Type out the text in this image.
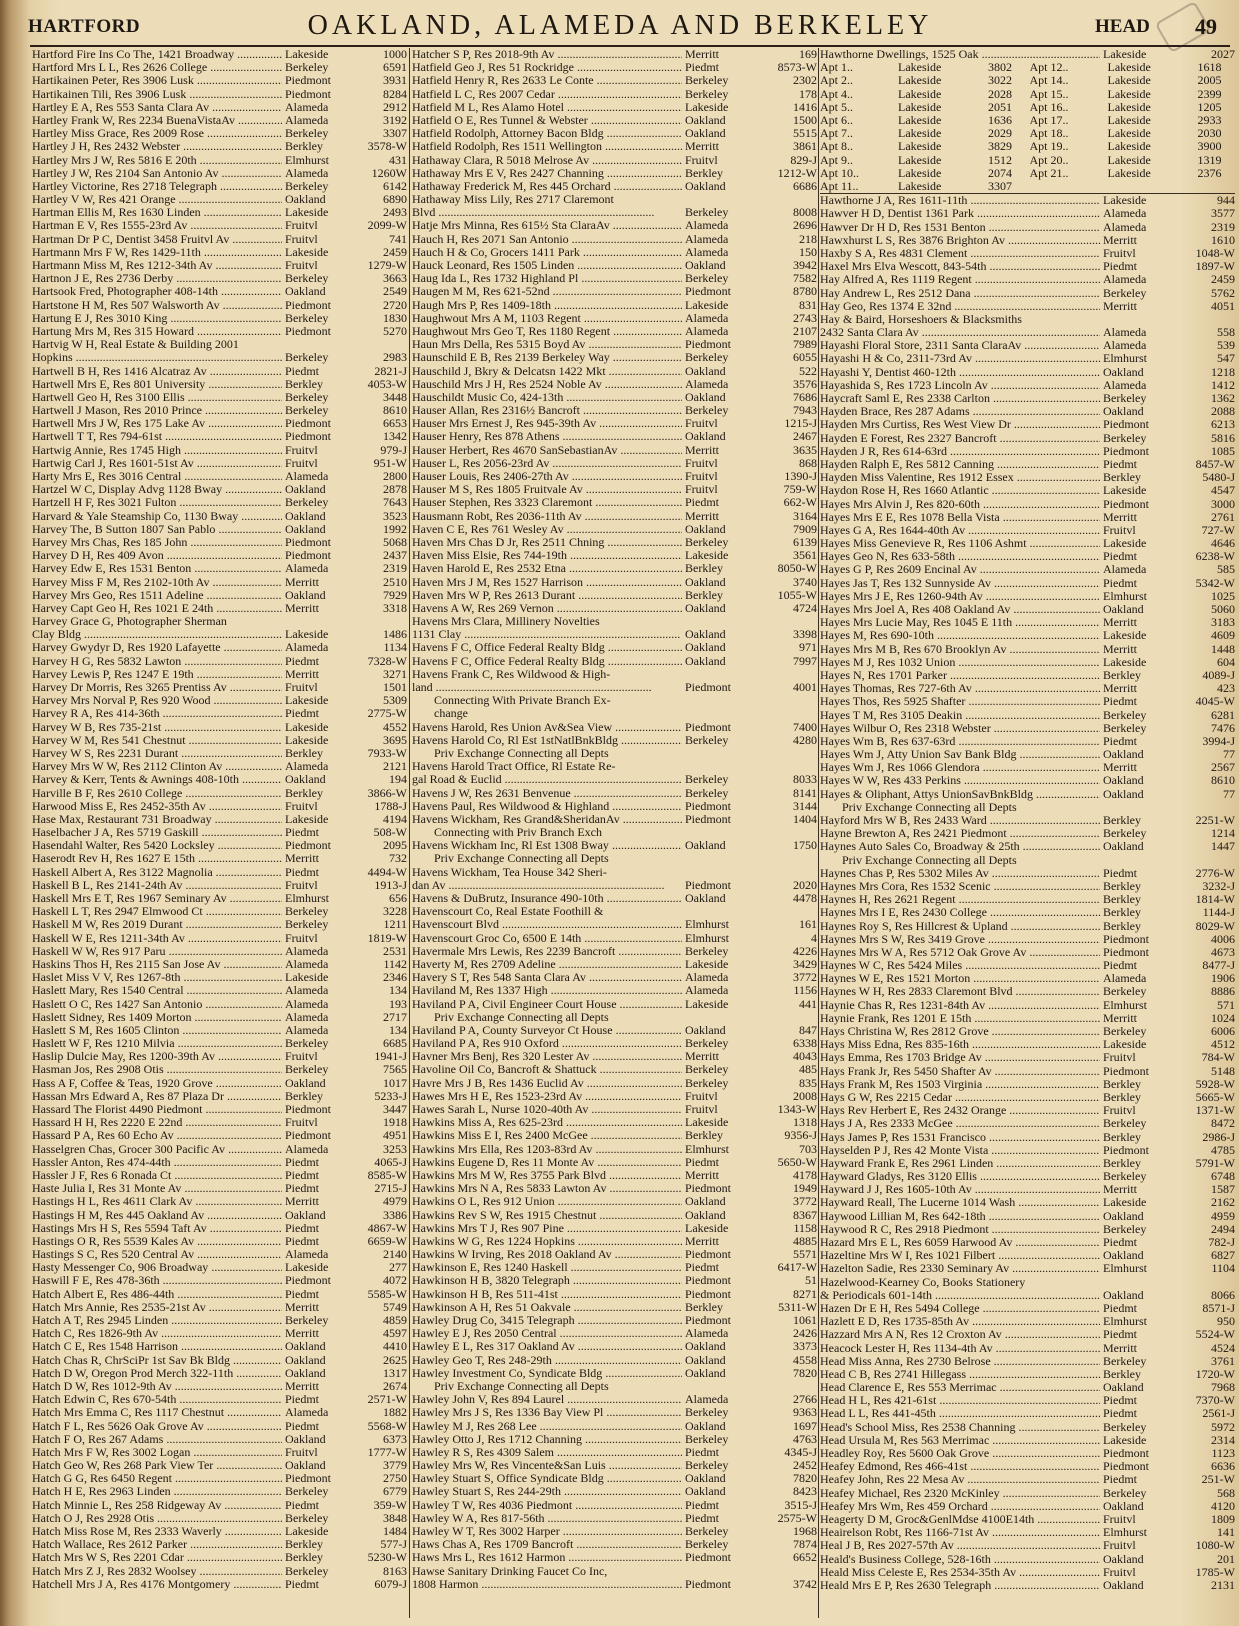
HARTFORD	OAKLAND, ALAMEDA AND BERKELEY	HEAD 49
Hartford Fire Ins Co The, 1421 Broadway .....	Lakeside	1000
Hartford Mrs L L, Res 2626 College .....	Berkeley	6591
Hartikainen Peter, Res 3906 Lusk .....	Piedmont	3931
Hartikainen Tili, Res 3906 Lusk .....	Piedmont	8284
Hartley E A, Res 553 Santa Clara Av .....	Alameda	2912
Hartley Frank W, Res 2234 BuenaVistaAv .....	Alameda	3192
Hartley Miss Grace, Res 2009 Rose .....	Berkeley	3307
Hartley J H, Res 2432 Webster .....	Berkley	3578-W
Hartley Mrs J W, Res 5816 E 20th .....	Elmhurst	431
Hartley J W, Res 2104 San Antonio Av .....	Alameda	1260W
Hartley Victorine, Res 2718 Telegraph .....	Berkeley	6142
Hartley V W, Res 421 Orange .....	Oakland	6890
Hartman Ellis M, Res 1630 Linden .....	Lakeside	2493
Hartman E V, Res 1555-23rd Av .....	Fruitvl	2099-W
Hartman Dr P C, Dentist 3458 Fruitvl Av .....	Fruitvl	741
Hartmann Mrs F W, Res 1429-11th .....	Lakeside	2459
Hartmann Miss M, Res 1212-34th Av .....	Fruitvl	1279-W
Hartnon J E, Res 2736 Derby .....	Berkeley	3663
Hartsook Fred, Photographer 408-14th .....	Oakland	2549
Hartstone H M, Res 507 Walsworth Av .....	Piedmont	2720
Hartung E J, Res 3010 King .....	Berkeley	1830
Hartung Mrs M, Res 315 Howard .....	Piedmont	5270
Hartvig W H, Real Estate & Building 2001
Hopkins .....	Berkeley	2983
Hartwell B H, Res 1416 Alcatraz Av .....	Piedmt	2821-J
Hartwell Mrs E, Res 801 University .....	Berkley	4053-W
Hartwell Geo H, Res 3100 Ellis .....	Berkeley	3448
Hartwell J Mason, Res 2010 Prince .....	Berkeley	8610
Hartwell Mrs J W, Res 175 Lake Av .....	Piedmont	6653
Hartwell T T, Res 794-61st .....	Piedmont	1342
Hartwig Annie, Res 1745 High .....	Fruitvl	979-J
Hartwig Carl J, Res 1601-51st Av .....	Fruitvl	951-W
Harty Mrs E, Res 3016 Central .....	Alameda	2800
Hartzel W C, Display Advg 1128 Bway .....	Oakland	2878
Hartzell H F, Res 3021 Fulton .....	Berkeley	7643
Harvard & Yale Steamship Co, 1130 Bway .....	Oakland	3523
Harvey The, B Sutton 1807 San Pablo .....	Oakland	1992
Harvey Mrs Chas, Res 185 John .....	Piedmont	5068
Harvey D H, Res 409 Avon .....	Piedmont	2437
Harvey Edw E, Res 1531 Benton .....	Alameda	2319
Harvey Miss F M, Res 2102-10th Av .....	Merritt	2510
Harvey Mrs Geo, Res 1511 Adeline .....	Oakland	7929
Harvey Capt Geo H, Res 1021 E 24th .....	Merritt	3318
Harvey Grace G, Photographer Sherman
Clay Bldg .....	Lakeside	1486
Harvey Gwydyr D, Res 1920 Lafayette .....	Alameda	1134
Harvey H G, Res 5832 Lawton .....	Piedmt	7328-W
Harvey Lewis P, Res 1247 E 19th .....	Merritt	3271
Harvey Dr Morris, Res 3265 Prentiss Av .....	Fruitvl	1501
Harvey Mrs Norval P, Res 920 Wood .....	Lakeside	5309
Harvey R A, Res 414-36th .....	Piedmt	2775-W
Harvey W B, Res 735-21st .....	Lakeside	4552
Harvey W M, Res 541 Chestnut .....	Lakeside	3695
Harvey W S, Res 2231 Durant .....	Berkley	7933-W
Harvey Mrs W W, Res 2112 Clinton Av .....	Alameda	2121
Harvey & Kerr, Tents & Awnings 408-10th .....	Oakland	194
Harville B F, Res 2610 College .....	Berkley	3866-W
Harwood Miss E, Res 2452-35th Av .....	Fruitvl	1788-J
Hase Max, Restaurant 731 Broadway .....	Lakeside	4194
Haselbacher J A, Res 5719 Gaskill .....	Piedmt	508-W
Hasendahl Walter, Res 5420 Locksley .....	Piedmont	2095
Haserodt Rev H, Res 1627 E 15th .....	Merritt	732
Haskell Albert A, Res 3122 Magnolia .....	Piedmt	4494-W
Haskell B L, Res 2141-24th Av .....	Fruitvl	1913-J
Haskell Mrs E T, Res 1967 Seminary Av .....	Elmhurst	656
Haskell L T, Res 2947 Elmwood Ct .....	Berkeley	3228
Haskell M W, Res 2019 Durant .....	Berkeley	1211
Haskell W E, Res 1211-34th Av .....	Fruitvl	1819-W
Haskell W W, Res 917 Paru .....	Alameda	2531
Haskins Thos H, Res 2115 San Jose Av .....	Alameda	1142
Haslet Miss V V, Res 1267-8th .....	Lakeside	2346
Haslett Mary, Res 1540 Central .....	Alameda	134
Haslett O C, Res 1427 San Antonio .....	Alameda	193
Haslett Sidney, Res 1409 Morton .....	Alameda	2717
Haslett S M, Res 1605 Clinton .....	Alameda	134
Haslett W F, Res 1210 Milvia .....	Berkeley	6685
Haslip Dulcie May, Res 1200-39th Av .....	Fruitvl	1941-J
Hasman Jos, Res 2908 Otis .....	Berkeley	7565
Hass A F, Coffee & Teas, 1920 Grove .....	Oakland	1017
Hassan Mrs Edward A, Res 87 Plaza Dr .....	Berkley	5233-J
Hassard The Florist 4490 Piedmont .....	Piedmont	3447
Hassard H H, Res 2220 E 22nd .....	Fruitvl	1918
Hassard P A, Res 60 Echo Av .....	Piedmont	4951
Hasselgren Chas, Grocer 300 Pacific Av .....	Alameda	3253
Hassler Anton, Res 474-44th .....	Piedmt	4065-J
Hassler J F, Res 6 Ronada Ct .....	Piedmt	8585-W
Haste Julia I, Res 31 Monte Av .....	Piedmt	2715-J
Hastings H L, Res 4611 Clark Av .....	Merritt	4979
Hastings H M, Res 445 Oakland Av .....	Oakland	3386
Hastings Mrs H S, Res 5594 Taft Av .....	Piedmt	4867-W
Hastings O R, Res 5539 Kales Av .....	Piedmt	6659-W
Hastings S C, Res 520 Central Av .....	Alameda	2140
Hasty Messenger Co, 906 Broadway .....	Lakeside	277
Haswill F E, Res 478-36th .....	Piedmont	4072
Hatch Albert E, Res 486-44th .....	Piedmt	5585-W
Hatch Mrs Annie, Res 2535-21st Av .....	Merritt	5749
Hatch A T, Res 2945 Linden .....	Berkeley	4859
Hatch C, Res 1826-9th Av .....	Merritt	4597
Hatch C E, Res 1548 Harrison .....	Oakland	4410
Hatch Chas R, ChrSciPr 1st Sav Bk Bldg .....	Oakland	2625
Hatch D W, Oregon Prod Merch 322-11th .....	Oakland	1317
Hatch D W, Res 1012-9th Av .....	Merritt	2674
Hatch Edwin C, Res 670-54th .....	Piedmt	2571-W
Hatch Mrs Emma C, Res 1117 Chestnut .....	Alameda	1882
Hatch F L, Res 5626 Oak Grove Av .....	Piedmt	5568-W
Hatch F O, Res 267 Adams .....	Oakland	6373
Hatch Mrs F W, Res 3002 Logan .....	Fruitvl	1777-W
Hatch Geo W, Res 268 Park View Ter .....	Oakland	3779
Hatch G G, Res 6450 Regent .....	Piedmont	2750
Hatch H E, Res 2963 Linden .....	Berkeley	6779
Hatch Minnie L, Res 258 Ridgeway Av .....	Piedmt	359-W
Hatch O J, Res 2928 Otis .....	Berkeley	3848
Hatch Miss Rose M, Res 2333 Waverly .....	Lakeside	1484
Hatch Wallace, Res 2612 Parker .....	Berkley	577-J
Hatch Mrs W S, Res 2201 Cdar .....	Berkley	5230-W
Hatch Mrs Z J, Res 2832 Woolsey .....	Berkeley	8163
Hatchell Mrs J A, Res 4176 Montgomery .....	Piedmt	6079-J
Hatcher S P, Res 2018-9th Av .....	Merritt	169
Hatfield Geo J, Res 51 Rockridge .....	Piedmt	8573-W
Hatfield Henry R, Res 2633 Le Conte .....	Berkeley	2302
Hatfield L C, Res 2007 Cedar .....	Berkeley	178
Hatfield M L, Res Alamo Hotel .....	Lakeside	1416
Hatfield O E, Res Tunnel & Webster .....	Oakland	1500
Hatfield Rodolph, Attorney Bacon Bldg .....	Oakland	5515
Hatfield Rodolph, Res 1511 Wellington .....	Merritt	3861
Hathaway Clara, R 5018 Melrose Av .....	Fruitvl	829-J
Hathaway Mrs E V, Res 2427 Channing .....	Berkley	1212-W
Hathaway Frederick M, Res 445 Orchard .....	Oakland	6686
Hathaway Miss Lily, Res 2717 Claremont
Blvd .....	Berkeley	8008
Hatje Mrs Minna, Res 615½ Sta ClaraAv .....	Alameda	2696
Hauch H, Res 2071 San Antonio .....	Alameda	218
Hauch H & Co, Grocers 1411 Park .....	Alameda	150
Hauck Leonard, Res 1505 Linden .....	Oakland	3942
Haug Ida L, Res 1732 Highland Pl .....	Berkeley	7582
Haugen M M, Res 621-52nd .....	Piedmont	8780
Haugh Mrs P, Res 1409-18th .....	Lakeside	831
Haughwout Mrs A M, 1103 Regent .....	Alameda	2743
Haughwout Mrs Geo T, Res 1180 Regent .....	Alameda	2107
Haun Mrs Della, Res 5315 Boyd Av .....	Piedmont	7989
Haunschild E B, Res 2139 Berkeley Way .....	Berkeley	6055
Hauschild J, Bkry & Delcatsn 1422 Mkt .....	Oakland	522
Hauschild Mrs J H, Res 2524 Noble Av .....	Alameda	3576
Hauschildt Music Co, 424-13th .....	Oakland	7686
Hauser Allan, Res 2316½ Bancroft .....	Berkeley	7943
Hauser Mrs Ernest J, Res 945-39th Av .....	Fruitvl	1215-J
Hauser Henry, Res 878 Athens .....	Oakland	2467
Hauser Herbert, Res 4670 SanSebastianAv .....	Merritt	3635
Hauser L, Res 2056-23rd Av .....	Fruitvl	868
Hauser Louis, Res 2406-27th Av .....	Fruitvl	1390-J
Hauser M S, Res 1805 Fruitvale Av .....	Fruitvl	759-W
Hauser Stephen, Res 3323 Claremont .....	Piedmt	662-W
Hausmann Robt, Res 2036-11th Av .....	Merritt	3164
Haven C E, Res 761 Wesley Av .....	Oakland	7909
Haven Mrs Chas D Jr, Res 2511 Chning .....	Berkeley	6139
Haven Miss Elsie, Res 744-19th .....	Lakeside	3561
Haven Harold E, Res 2532 Etna .....	Berkley	8050-W
Haven Mrs J M, Res 1527 Harrison .....	Oakland	3740
Haven Mrs W P, Res 2613 Durant .....	Berkley	1055-W
Havens A W, Res 269 Vernon .....	Oakland	4724
Havens Mrs Clara, Millinery Novelties
1131 Clay .....	Oakland	3398
Havens F C, Office Federal Realty Bldg .....	Oakland	971
Havens F C, Office Federal Realty Bldg .....	Oakland	7997
Havens Frank C, Res Wildwood & High-
land .....	Piedmont	4001
Connecting With Private Branch Ex-
change
Havens Harold, Res Union Av&Sea View .....	Piedmont	7400
Havens Harold Co, Rl Est 1stNatlBnkBldg .....	Berkeley	4280
Priv Exchange Connecting all Depts
Havens Harold Tract Office, Rl Estate Re-
gal Road & Euclid .....	Berkeley	8033
Havens J W, Res 2631 Benvenue .....	Berkeley	8141
Havens Paul, Res Wildwood & Highland .....	Piedmont	3144
Havens Wickham, Res Grand&SheridanAv .....	Piedmont	1404
Connecting with Priv Branch Exch
Havens Wickham Inc, Rl Est 1308 Bway .....	Oakland	1750
Priv Exchange Connecting all Depts
Havens Wickham, Tea House 342 Sheri-
dan Av .....	Piedmont	2020
Havens & DuBrutz, Insurance 490-10th .....	Oakland	4478
Havenscourt Co, Real Estate Foothill &
Havenscourt Blvd .....	Elmhurst	161
Havenscourt Groc Co, 6500 E 14th .....	Elmhurst	4
Havermale Mrs Lewis, Res 2239 Bancroft .....	Berkeley	4226
Haverty M, Res 2709 Adeline .....	Lakeside	3429
Havery S T, Res 548 Santa Clara Av .....	Alameda	3772
Haviland M, Res 1337 High .....	Alameda	1156
Haviland P A, Civil Engineer Court House .....	Lakeside	441
Priv Exchange Connecting all Depts
Haviland P A, County Surveyor Ct House .....	Oakland	847
Haviland P A, Res 910 Oxford .....	Berkeley	6338
Havner Mrs Benj, Res 320 Lester Av .....	Merritt	4043
Havoline Oil Co, Bancroft & Shattuck .....	Berkeley	485
Havre Mrs J B, Res 1436 Euclid Av .....	Berkeley	835
Hawes Mrs H E, Res 1523-23rd Av .....	Fruitvl	2008
Hawes Sarah L, Nurse 1020-40th Av .....	Fruitvl	1343-W
Hawkins Miss A, Res 625-23rd .....	Lakeside	1318
Hawkins Miss E I, Res 2400 McGee .....	Berkley	9356-J
Hawkins Mrs Ella, Res 1203-83rd Av .....	Elmhurst	703
Hawkins Eugene D, Res 11 Monte Av .....	Piedmt	5650-W
Hawkins Mrs M W, Res 3755 Park Blvd .....	Merritt	4178
Hawkins Mrs N A, Res 5833 Lawton Av .....	Piedmont	1949
Hawkins O L, Res 912 Union .....	Oakland	3772
Hawkins Rev S W, Res 1915 Chestnut .....	Oakland	8367
Hawkins Mrs T J, Res 907 Pine .....	Lakeside	1158
Hawkins W G, Res 1224 Hopkins .....	Merritt	4885
Hawkins W Irving, Res 2018 Oakland Av .....	Piedmont	5571
Hawkinson E, Res 1240 Haskell .....	Piedmt	6417-W
Hawkinson H B, 3820 Telegraph .....	Piedmont	51
Hawkinson H B, Res 511-41st .....	Piedmont	8271
Hawkinson A H, Res 51 Oakvale .....	Berkley	5311-W
Hawley Drug Co, 3415 Telegraph .....	Piedmont	1061
Hawley E J, Res 2050 Central .....	Alameda	2426
Hawley E L, Res 317 Oakland Av .....	Oakland	3373
Hawley Geo T, Res 248-29th .....	Oakland	4558
Hawley Investment Co, Syndicate Bldg .....	Oakland	7820
Priv Exchange Connecting all Depts
Hawley John V, Res 894 Laurel .....	Alameda	2766
Hawley Mrs J S, Res 1336 Bay View Pl .....	Berkeley	9363
Hawley M J, Res 268 Lee .....	Oakland	1697
Hawley Otto J, Res 1712 Channing .....	Berkeley	4763
Hawley R S, Res 4309 Salem .....	Piedmt	4345-J
Hawley Mrs W, Res Vincente&San Luis .....	Berkeley	2452
Hawley Stuart S, Office Syndicate Bldg .....	Oakland	7820
Hawley Stuart S, Res 244-29th .....	Oakland	8423
Hawley T W, Res 4036 Piedmont .....	Piedmt	3515-J
Hawley W A, Res 817-56th .....	Piedmt	2575-W
Hawley W T, Res 3002 Harper .....	Berkeley	1968
Haws Chas A, Res 1709 Bancroft .....	Berkeley	7874
Haws Mrs L, Res 1612 Harmon .....	Piedmont	6652
Hawse Sanitary Drinking Faucet Co Inc,
1808 Harmon .....	Piedmont	3742
Hawthorne Dwellings, 1525 Oak .....	Lakeside	2027
Apt 1..	Lakeside	3802 Apt 12..	Lakeside	1618
Apt 2..	Lakeside	3022 Apt 14..	Lakeside	2005
Apt 4..	Lakeside	2028 Apt 15..	Lakeside	2399
Apt 5..	Lakeside	2051 Apt 16..	Lakeside	1205
Apt 6..	Lakeside	1636 Apt 17..	Lakeside	2933
Apt 7..	Lakeside	2029 Apt 18..	Lakeside	2030
Apt 8..	Lakeside	3829 Apt 19..	Lakeside	3900
Apt 9..	Lakeside	1512 Apt 20..	Lakeside	1319
Apt 10..	Lakeside	2074 Apt 21..	Lakeside	2376
Apt 11..	Lakeside	3307
Hawthorne J A, Res 1611-11th .....	Lakeside	944
Hawver H D, Dentist 1361 Park .....	Alameda	3577
Hawver Dr H D, Res 1531 Benton .....	Alameda	2319
Hawxhurst L S, Res 3876 Brighton Av .....	Merritt	1610
Haxby S A, Res 4831 Clement .....	Fruitvl	1048-W
Haxel Mrs Elva Wescott, 843-54th .....	Piedmt	1897-W
Hay Alfred A, Res 1119 Regent .....	Alameda	2459
Hay Andrew L, Res 2512 Dana .....	Berkeley	5762
Hay Geo, Res 1374 E 32nd .....	Merritt	4051
Hay & Baird, Horseshoers & Blacksmiths
2432 Santa Clara Av .....	Alameda	558
Hayashi Floral Store, 2311 Santa ClaraAv .....	Alameda	539
Hayashi H & Co, 2311-73rd Av .....	Elmhurst	547
Hayashi Y, Dentist 460-12th .....	Oakland	1218
Hayashida S, Res 1723 Lincoln Av .....	Alameda	1412
Haycraft Saml E, Res 2338 Carlton .....	Berkeley	1362
Hayden Brace, Res 287 Adams .....	Oakland	2088
Hayden Mrs Curtiss, Res West View Dr .....	Piedmont	6213
Hayden E Forest, Res 2327 Bancroft .....	Berkeley	5816
Hayden J R, Res 614-63rd .....	Piedmont	1085
Hayden Ralph E, Res 5812 Canning .....	Piedmt	8457-W
Hayden Miss Valentine, Res 1912 Essex .....	Berkley	5480-J
Haydon Rose H, Res 1660 Atlantic .....	Lakeside	4547
Hayes Mrs Alvin J, Res 820-60th .....	Piedmont	3000
Hayes Mrs E E, Res 1078 Bella Vista .....	Merritt	2761
Hayes G A, Res 1644-40th Av .....	Fruitvl	727-W
Hayes Miss Genevieve R, Res 1106 Ashmt .....	Lakeside	4646
Hayes Geo N, Res 633-58th .....	Piedmt	6238-W
Hayes G P, Res 2609 Encinal Av .....	Alameda	585
Hayes Jas T, Res 132 Sunnyside Av .....	Piedmt	5342-W
Hayes Mrs J E, Res 1260-94th Av .....	Elmhurst	1025
Hayes Mrs Joel A, Res 408 Oakland Av .....	Oakland	5060
Hayes Mrs Lucie May, Res 1045 E 11th .....	Merritt	3183
Hayes M, Res 690-10th .....	Lakeside	4609
Hayes Mrs M B, Res 670 Brooklyn Av .....	Merritt	1448
Hayes M J, Res 1032 Union .....	Lakeside	604
Hayes N, Res 1701 Parker .....	Berkley	4089-J
Hayes Thomas, Res 727-6th Av .....	Merritt	423
Hayes Thos, Res 5925 Shafter .....	Piedmt	4045-W
Hayes T M, Res 3105 Deakin .....	Berkeley	6281
Hayes Wilbur O, Res 2318 Webster .....	Berkeley	7476
Hayes Wm B, Res 637-63rd .....	Piedmt	3994-J
Hayes Wm J, Atty Union Sav Bank Bldg .....	Oakland	77
Hayes Wm J, Res 1066 Glendora .....	Merritt	2567
Hayes W W, Res 433 Perkins .....	Oakland	8610
Hayes & Oliphant, Attys UnionSavBnkBldg .....	Oakland	77
Priv Exchange Connecting all Depts
Hayford Mrs W B, Res 2433 Ward .....	Berkley	2251-W
Hayne Brewton A, Res 2421 Piedmont .....	Berkeley	1214
Haynes Auto Sales Co, Broadway & 25th .....	Oakland	1447
Priv Exchange Connecting all Depts
Haynes Chas P, Res 5302 Miles Av .....	Piedmt	2776-W
Haynes Mrs Cora, Res 1532 Scenic .....	Berkley	3232-J
Haynes H, Res 2621 Regent .....	Berkley	1814-W
Haynes Mrs I E, Res 2430 College .....	Berkley	1144-J
Haynes Roy S, Res Hillcrest & Upland .....	Berkley	8029-W
Haynes Mrs S W, Res 3419 Grove .....	Piedmont	4006
Haynes Mrs W A, Res 5712 Oak Grove Av .....	Piedmont	4673
Haynes W C, Res 5424 Miles .....	Piedmt	8477-J
Haynes W E, Res 1521 Morton .....	Alameda	1906
Haynes W H, Res 2833 Claremont Blvd .....	Berkeley	8886
Haynie Chas R, Res 1231-84th Av .....	Elmhurst	571
Haynie Frank, Res 1201 E 15th .....	Merritt	1024
Hays Christina W, Res 2812 Grove .....	Berkeley	6006
Hays Miss Edna, Res 835-16th .....	Lakeside	4512
Hays Emma, Res 1703 Bridge Av .....	Fruitvl	784-W
Hays Frank Jr, Res 5450 Shafter Av .....	Piedmont	5148
Hays Frank M, Res 1503 Virginia .....	Berkley	5928-W
Hays G W, Res 2215 Cedar .....	Berkley	5665-W
Hays Rev Herbert E, Res 2432 Orange .....	Fruitvl	1371-W
Hays J A, Res 2333 McGee .....	Berkeley	8472
Hays James P, Res 1531 Francisco .....	Berkley	2986-J
Hayselden P J, Res 42 Monte Vista .....	Piedmont	4785
Hayward Frank E, Res 2961 Linden .....	Berkley	5791-W
Hayward Gladys, Res 3120 Ellis .....	Berkeley	6748
Hayward J J, Res 1605-10th Av .....	Merritt	1587
Hayward Reall, The Lucerne 1014 Wash .....	Lakeside	2162
Haywood Lillian M, Res 642-18th .....	Oakland	4959
Haywood R C, Res 2918 Piedmont .....	Berkeley	2494
Hazard Mrs E L, Res 6059 Harwood Av .....	Piedmt	782-J
Hazeltine Mrs W I, Res 1021 Filbert .....	Oakland	6827
Hazelton Sadie, Res 2330 Seminary Av .....	Elmhurst	1104
Hazelwood-Kearney Co, Books Stationery
& Periodicals 601-14th .....	Oakland	8066
Hazen Dr E H, Res 5494 College .....	Piedmt	8571-J
Hazlett E D, Res 1735-85th Av .....	Elmhurst	950
Hazzard Mrs A N, Res 12 Croxton Av .....	Piedmt	5524-W
Heacock Lester H, Res 1134-4th Av .....	Merritt	4524
Head Miss Anna, Res 2730 Belrose .....	Berkeley	3761
Head C B, Res 2741 Hillegass .....	Berkley	1720-W
Head Clarence E, Res 553 Merrimac .....	Oakland	7968
Head H L, Res 421-61st .....	Piedmt	7370-W
Head L L, Res 441-45th .....	Piedmt	2561-J
Head's School Miss, Res 2538 Channing .....	Berkeley	5972
Head Ursula M, Res 563 Merrimac .....	Lakeside	2314
Headley Roy, Res 5600 Oak Grove .....	Piedmont	1123
Heafey Edmond, Res 466-41st .....	Piedmont	6636
Heafey John, Res 22 Mesa Av .....	Piedmt	251-W
Heafey Michael, Res 2320 McKinley .....	Berkeley	568
Heafey Mrs Wm, Res 459 Orchard .....	Oakland	4120
Heagerty D M, Groc&GenlMdse 4100E14th .....	Fruitvl	1809
Heairelson Robt, Res 1166-71st Av .....	Elmhurst	141
Heal J B, Res 2027-57th Av .....	Fruitvl	1080-W
Heald's Business College, 528-16th .....	Oakland	201
Heald Miss Celeste E, Res 2534-35th Av .....	Fruitvl	1785-W
Heald Mrs E P, Res 2630 Telegraph .....	Oakland	2131
